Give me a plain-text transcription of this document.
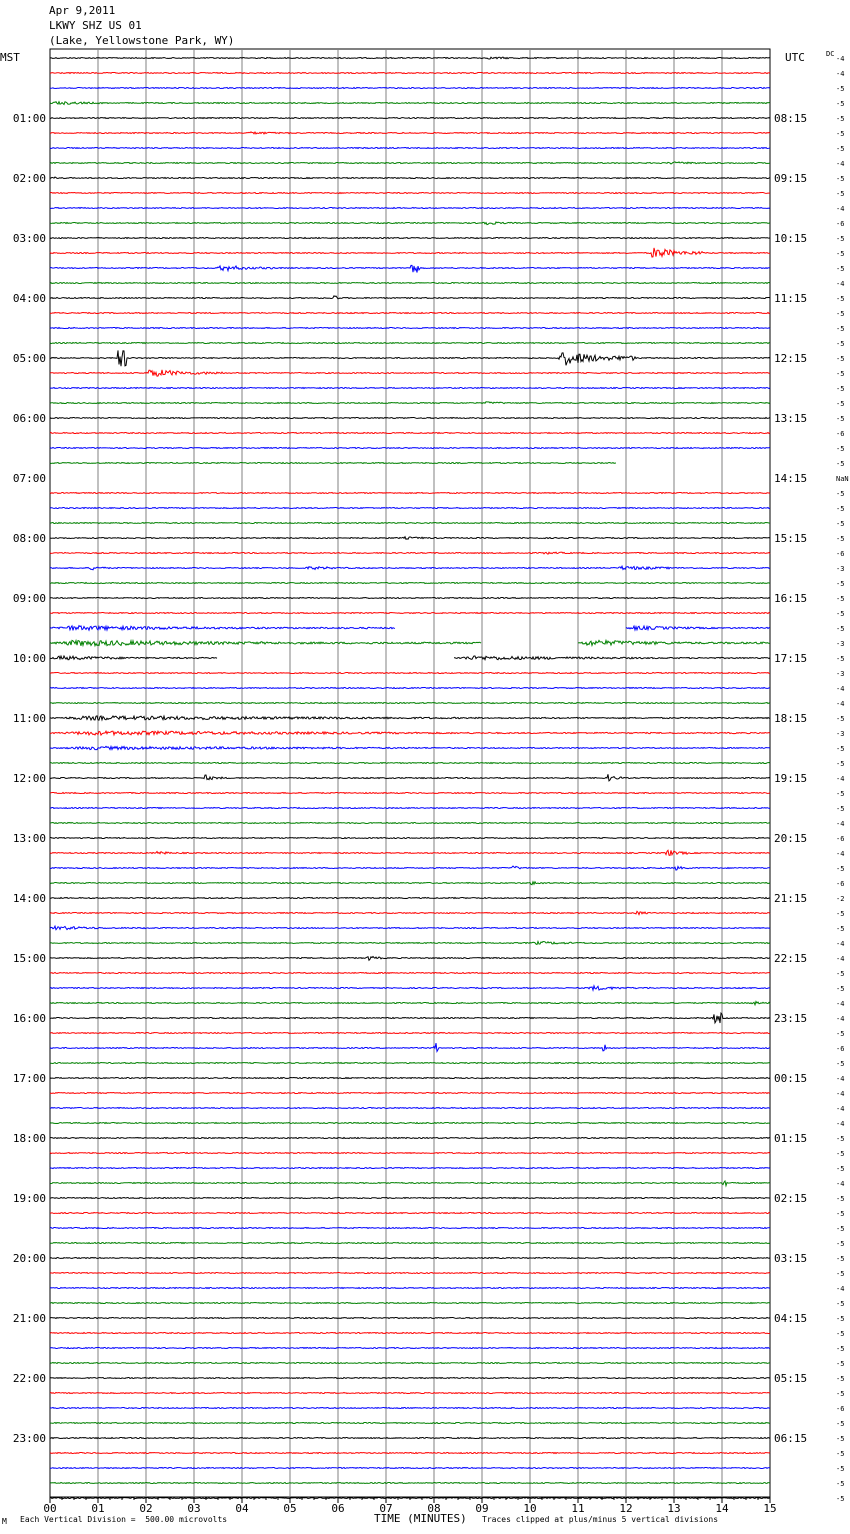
Apr 9,2011
LKWY SHZ US 01
(Lake, Yellowstone Park, WY)
00	01	02	03	04	05	06	07	08	09	10	11	12	13	14	15
MST	UTC	DC
-4
-4
-5
-5
-5
-5
-5
-4
-5
-5
-4
-6
-5
-5
-5
-4
-5
-5
-5
-5
-5
-5
-5
-5
-5
-6
-5
-5
NaN
-5
-5
-5
-5
-6
-3
-5
-5
-5
-5
-3
-5
-3
-4
-4
-5
-3
-5
-5
-4
-5
-5
-4
-6
-4
-5
-6
-2
-5
-5
-4
-4
-5
-5
-4
-4
-5
-6
-5
-4
-4
-4
-4
-5
-5
-5
-4
-5
-5
-5
-5
-5
-5
-4
-5
-5
-5
-5
-5
-5
-5
-6
-5
-5
-5
-5
-5
-5
01:00
02:00
03:00
04:00
05:00
06:00
07:00
08:00
09:00
10:00
11:00
12:00
13:00
14:00
15:00
16:00
17:00
18:00
19:00
20:00
21:00
22:00
23:00
08:15
09:15
10:15
11:15
12:15
13:15
14:15
15:15
16:15
17:15
18:15
19:15
20:15
21:15
22:15
23:15
00:15
01:15
02:15
03:15
04:15
05:15
06:15
M Each Vertical Division =  500.00 microvolts	TIME (MINUTES) Traces clipped at plus/minus 5 vertical divisions
